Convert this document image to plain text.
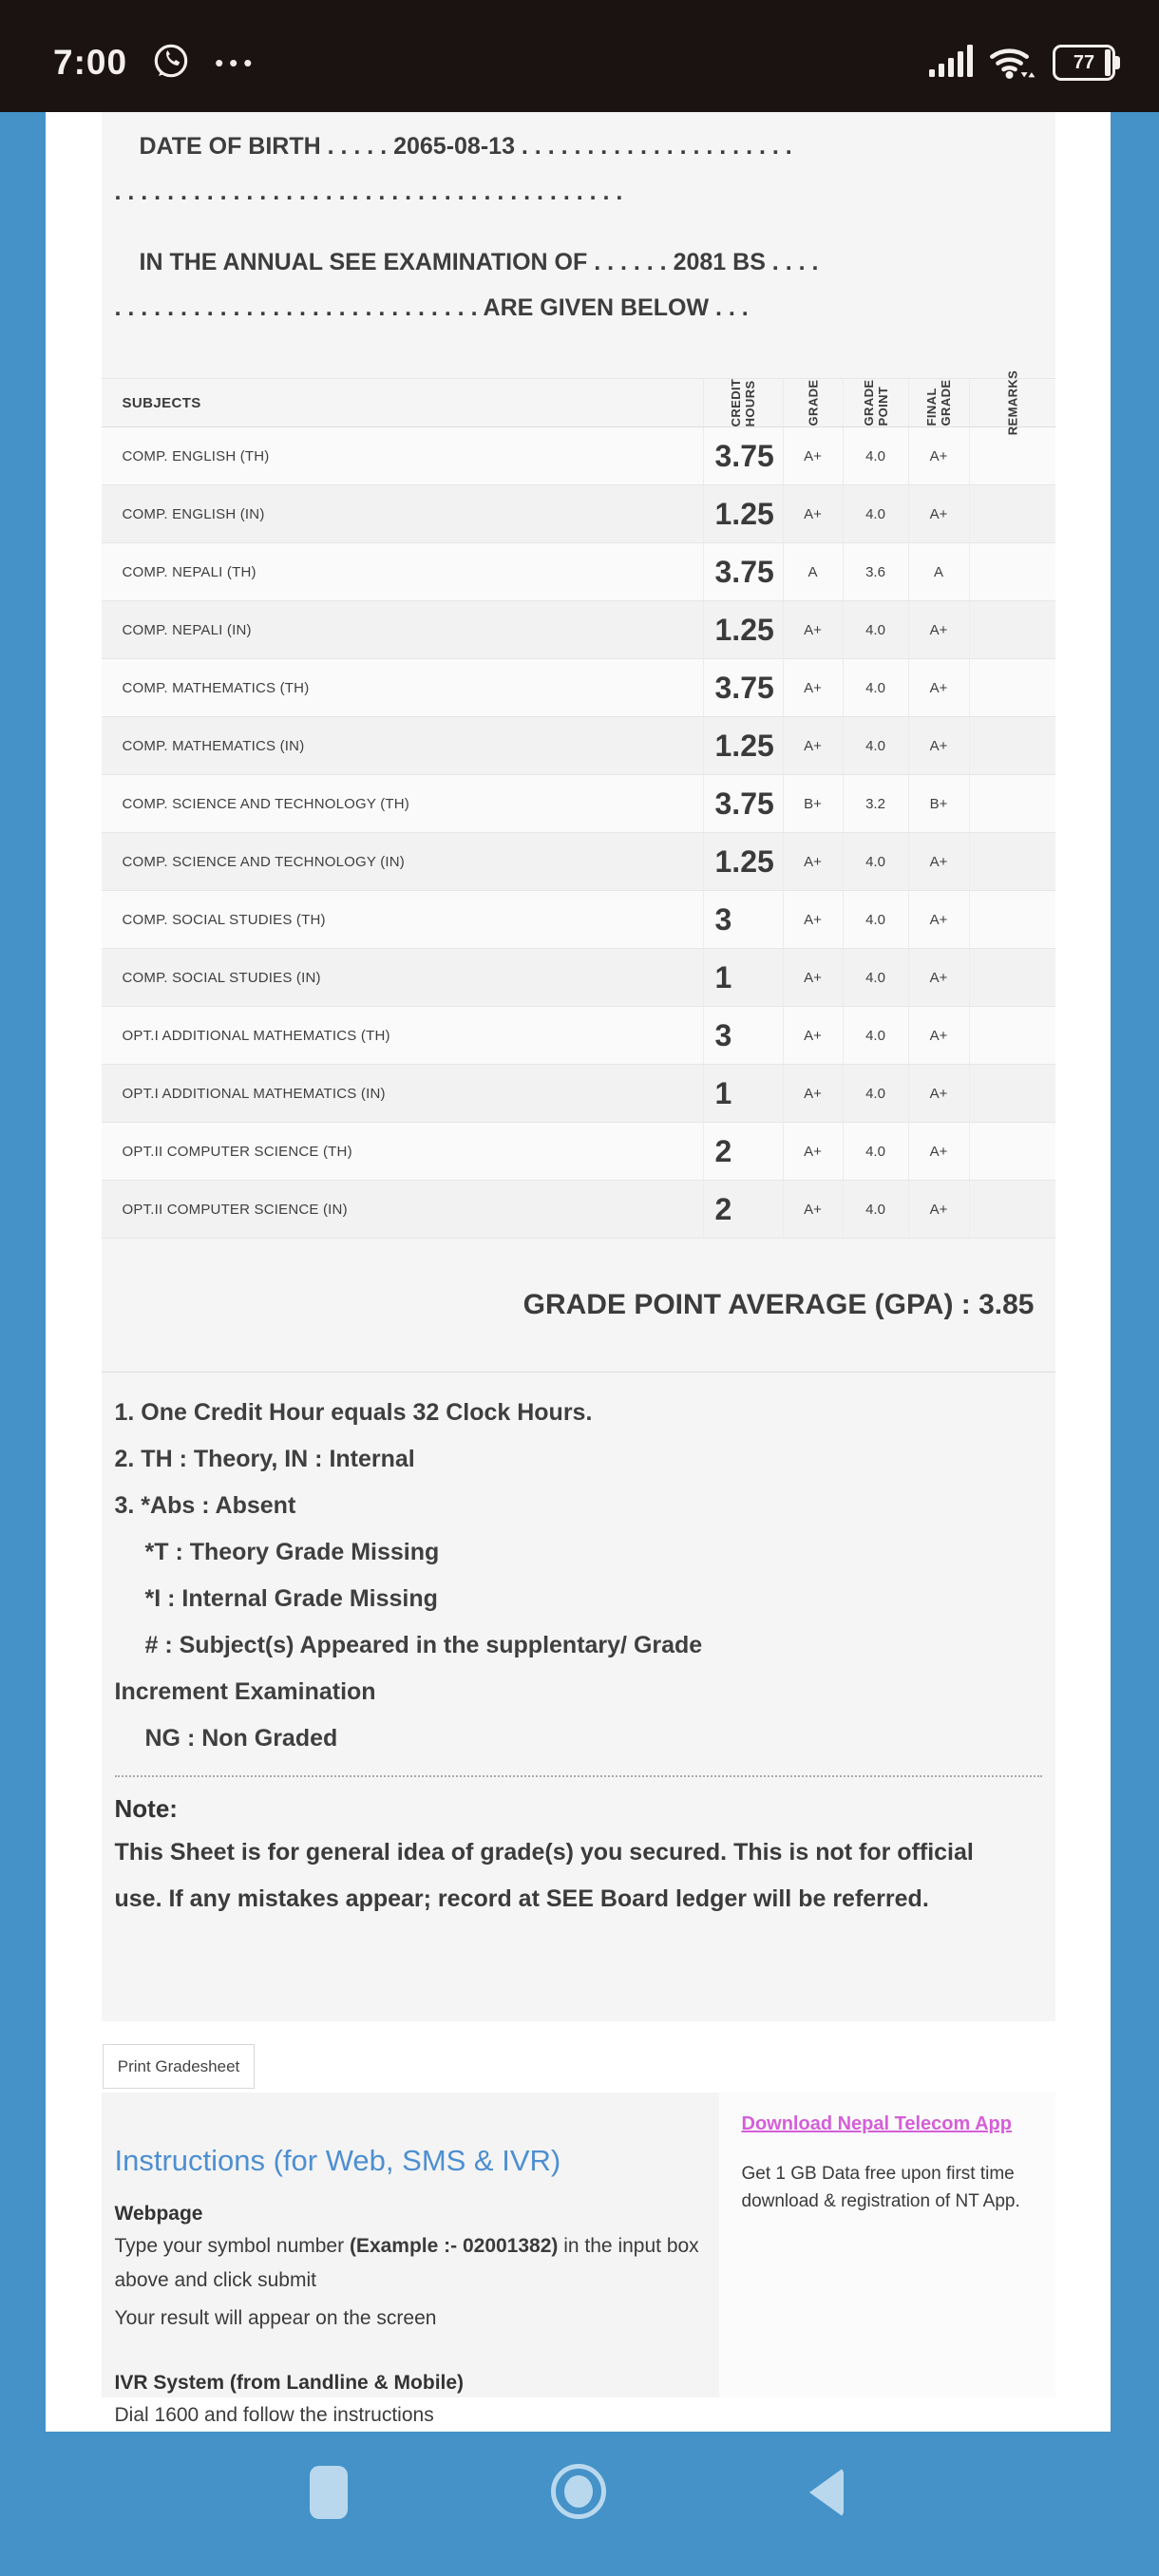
7:00	•••	77
DATE OF BIRTH . . . . . 2065-08-13 . . . . . . . . . . . . . . . . . . . . .
. . . . . . . . . . . . . . . . . . . . . . . . . . . . . . . . . . . . . . .
IN THE ANNUAL SEE EXAMINATION OF . . . . . . 2081 BS . . . .
. . . . . . . . . . . . . . . . . . . . . . . . . . . . ARE GIVEN BELOW . . .
SUBJECTS	CREDIT HOURS	GRADE	GRADE POINT	FINAL GRADE	REMARKS
COMP. ENGLISH (TH)	3.75	A+	4.0	A+
COMP. ENGLISH (IN)	1.25	A+	4.0	A+
COMP. NEPALI (TH)	3.75	A	3.6	A
COMP. NEPALI (IN)	1.25	A+	4.0	A+
COMP. MATHEMATICS (TH)	3.75	A+	4.0	A+
COMP. MATHEMATICS (IN)	1.25	A+	4.0	A+
COMP. SCIENCE AND TECHNOLOGY (TH)	3.75	B+	3.2	B+
COMP. SCIENCE AND TECHNOLOGY (IN)	1.25	A+	4.0	A+
COMP. SOCIAL STUDIES (TH)	3	A+	4.0	A+
COMP. SOCIAL STUDIES (IN)	1	A+	4.0	A+
OPT.I ADDITIONAL MATHEMATICS (TH)	3	A+	4.0	A+
OPT.I ADDITIONAL MATHEMATICS (IN)	1	A+	4.0	A+
OPT.II COMPUTER SCIENCE (TH)	2	A+	4.0	A+
OPT.II COMPUTER SCIENCE (IN)	2	A+	4.0	A+
GRADE POINT AVERAGE (GPA) : 3.85
1. One Credit Hour equals 32 Clock Hours.
2. TH : Theory, IN : Internal
3. *Abs : Absent
*T : Theory Grade Missing
*I : Internal Grade Missing
# : Subject(s) Appeared in the supplentary/ Grade
Increment Examination
NG : Non Graded
Note:
This Sheet is for general idea of grade(s) you secured. This is not for official use. If any mistakes appear; record at SEE Board ledger will be referred.
Print Gradesheet
Instructions (for Web, SMS & IVR)
Webpage

Type your symbol number (Example :- 02001382) in the input box above and click submit

Your result will appear on the screen

IVR System (from Landline & Mobile)

Dial 1600 and follow the instructions

Download Nepal Telecom App

Get 1 GB Data free upon first time download & registration of NT App.
